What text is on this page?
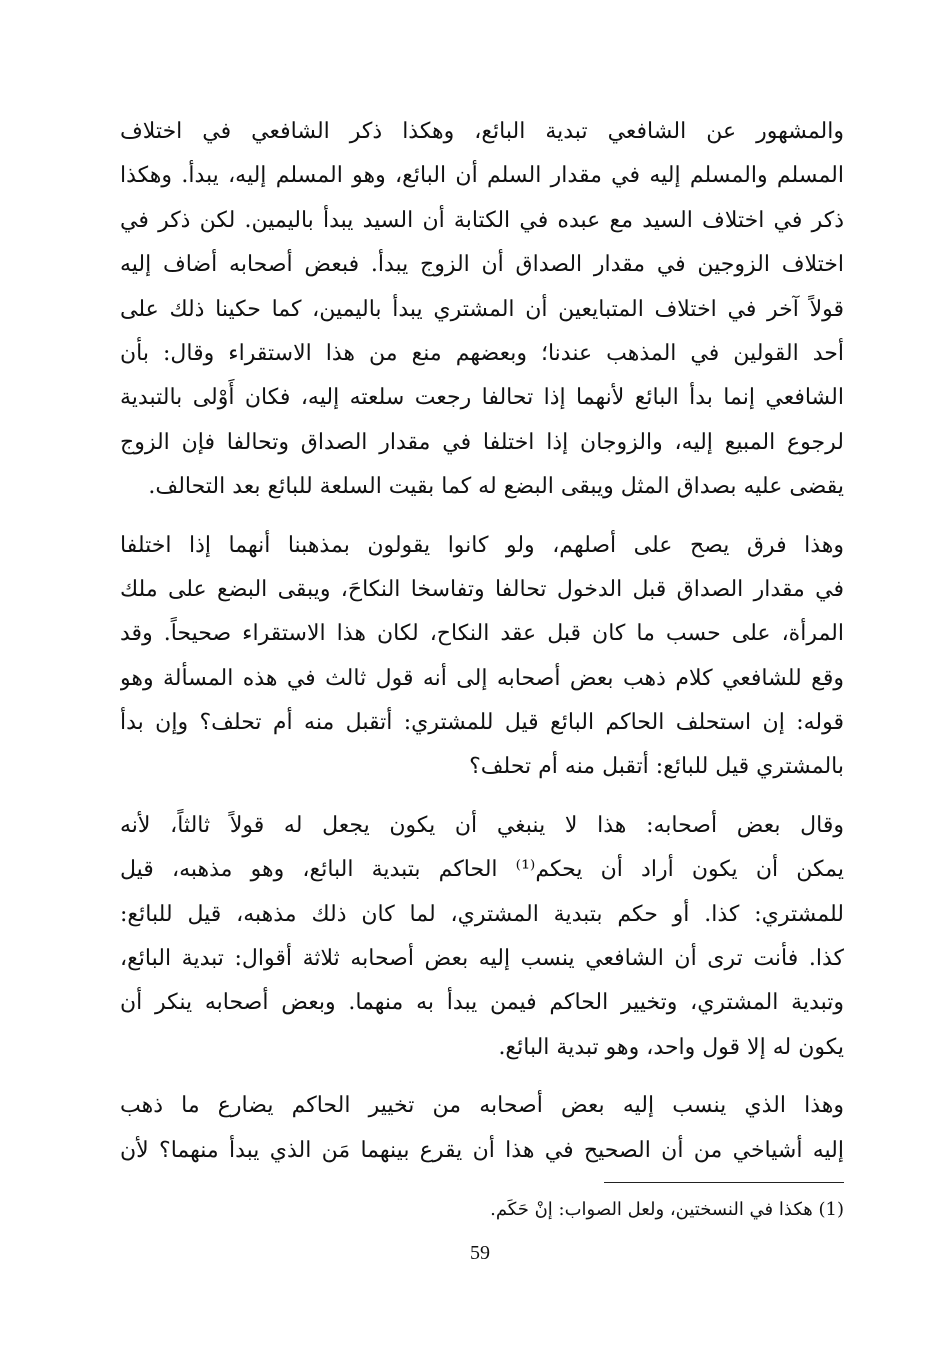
والمشهور عن الشافعي تبدية البائع، وهكذا ذكر الشافعي في اختلاف
المسلم والمسلم إليه في مقدار السلم أن البائع، وهو المسلم إليه، يبدأ. وهكذا
ذكر في اختلاف السيد مع عبده في الكتابة أن السيد يبدأ باليمين. لكن ذكر في
اختلاف الزوجين في مقدار الصداق أن الزوج يبدأ. فبعض أصحابه أضاف إليه
قولاً آخر في اختلاف المتبايعين أن المشتري يبدأ باليمين، كما حكينا ذلك على
أحد القولين في المذهب عندنا؛ وبعضهم منع من هذا الاستقراء وقال: بأن
الشافعي إنما بدأ البائع لأنهما إذا تحالفا رجعت سلعته إليه، فكان أَوْلى بالتبدية
لرجوع المبيع إليه، والزوجان إذا اختلفا في مقدار الصداق وتحالفا فإن الزوج
يقضى عليه بصداق المثل ويبقى البضع له كما بقيت السلعة للبائع بعد التحالف.
وهذا فرق يصح على أصلهم، ولو كانوا يقولون بمذهبنا أنهما إذا اختلفا
في مقدار الصداق قبل الدخول تحالفا وتفاسخا النكاحَ، ويبقى البضع على ملك
المرأة، على حسب ما كان قبل عقد النكاح، لكان هذا الاستقراء صحيحاً. وقد
وقع للشافعي كلام ذهب بعض أصحابه إلى أنه قول ثالث في هذه المسألة وهو
قوله: إن استحلف الحاكم البائع قيل للمشتري: أتقبل منه أم تحلف؟ وإن بدأ
بالمشتري قيل للبائع: أتقبل منه أم تحلف؟
وقال بعض أصحابه: هذا لا ينبغي أن يكون يجعل له قولاً ثالثاً، لأنه
يمكن أن يكون أراد أن يحكم⁽¹⁾ الحاكم بتبدية البائع، وهو مذهبه، قيل
للمشتري: كذا. أو حكم بتبدية المشتري، لما كان ذلك مذهبه، قيل للبائع:
كذا. فأنت ترى أن الشافعي ينسب إليه بعض أصحابه ثلاثة أقوال: تبدية البائع،
وتبدية المشتري، وتخيير الحاكم فيمن يبدأ به منهما. وبعض أصحابه ينكر أن
يكون له إلا قول واحد، وهو تبدية البائع.
وهذا الذي ينسب إليه بعض أصحابه من تخيير الحاكم يضارع ما ذهب
إليه أشياخي من أن الصحيح في هذا أن يقرع بينهما مَن الذي يبدأ منهما؟ لأن
(1) هكذا في النسختين، ولعل الصواب: إنْ حَكَم.
59
